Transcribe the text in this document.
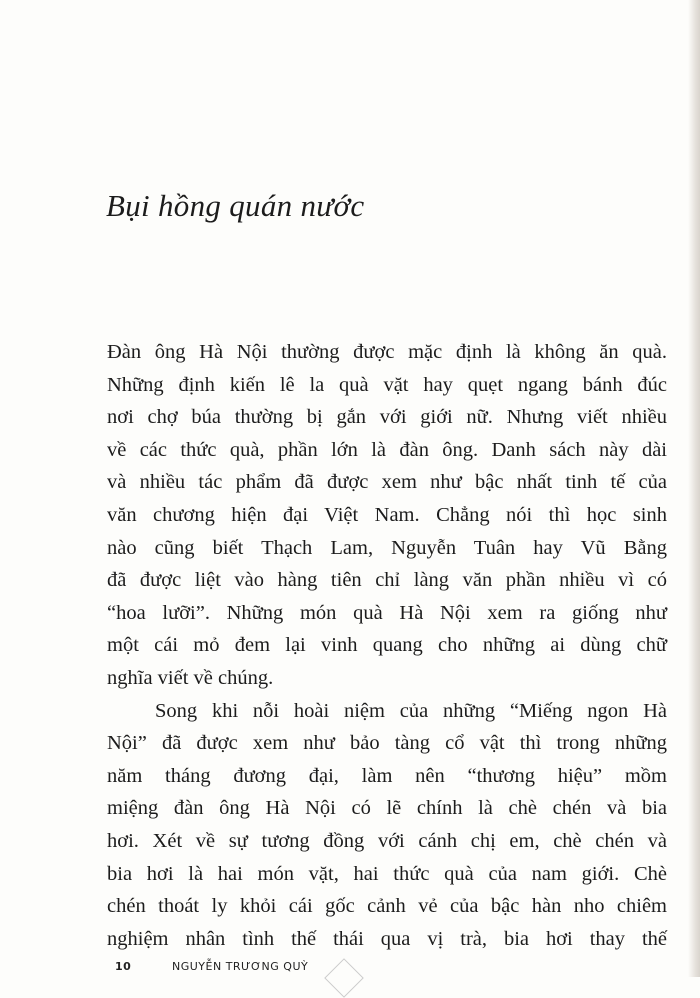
Bụi hồng quán nước
Đàn ông Hà Nội thường được mặc định là không ăn quà.
Những định kiến lê la quà vặt hay quẹt ngang bánh đúc
nơi chợ búa thường bị gắn với giới nữ. Nhưng viết nhiều
về các thức quà, phần lớn là đàn ông. Danh sách này dài
và nhiều tác phẩm đã được xem như bậc nhất tinh tế của
văn chương hiện đại Việt Nam. Chẳng nói thì học sinh
nào cũng biết Thạch Lam, Nguyễn Tuân hay Vũ Bằng
đã được liệt vào hàng tiên chỉ làng văn phần nhiều vì có
“hoa lưỡi”. Những món quà Hà Nội xem ra giống như
một cái mỏ đem lại vinh quang cho những ai dùng chữ
nghĩa viết về chúng.
Song khi nỗi hoài niệm của những “Miếng ngon Hà
Nội” đã được xem như bảo tàng cổ vật thì trong những
năm tháng đương đại, làm nên “thương hiệu” mồm
miệng đàn ông Hà Nội có lẽ chính là chè chén và bia
hơi. Xét về sự tương đồng với cánh chị em, chè chén và
bia hơi là hai món vặt, hai thức quà của nam giới. Chè
chén thoát ly khỏi cái gốc cảnh vẻ của bậc hàn nho chiêm
nghiệm nhân tình thế thái qua vị trà, bia hơi thay thế
10	NGUYỄN TRƯƠNG QUỲ
